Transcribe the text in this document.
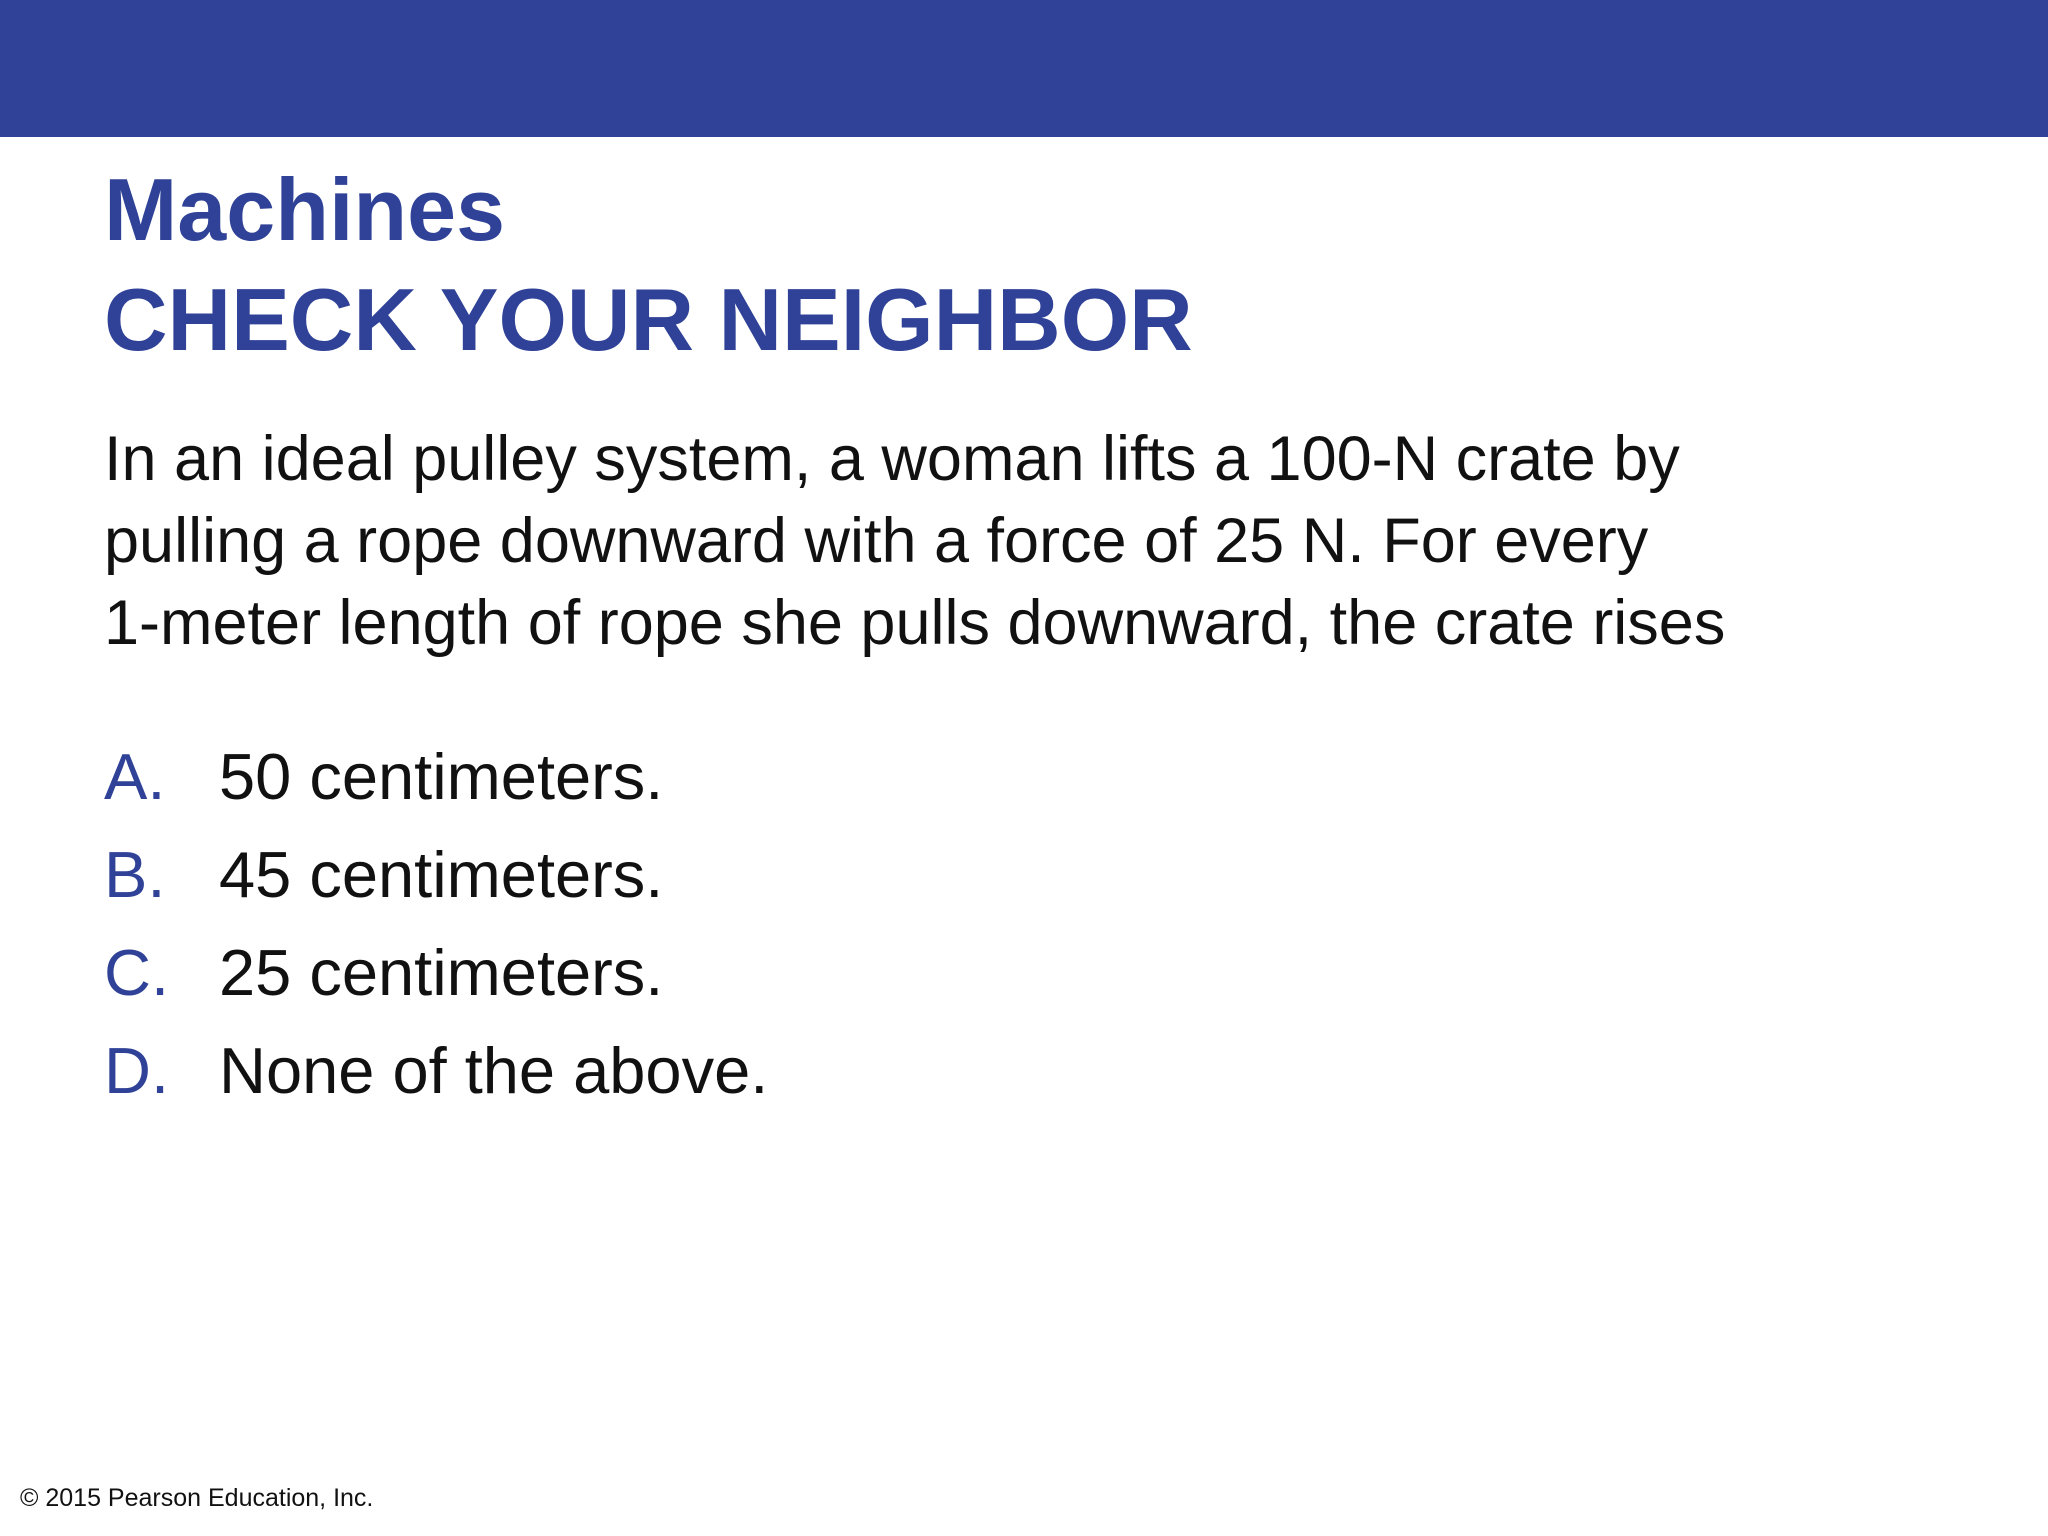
Machines
CHECK YOUR NEIGHBOR

In an ideal pulley system, a woman lifts a 100-N crate by
pulling a rope downward with a force of 25 N. For every
1-meter length of rope she pulls downward, the crate rises

A. 50 centimeters.
B. 45 centimeters.
C. 25 centimeters.
D. None of the above.
© 2015 Pearson Education, Inc.
